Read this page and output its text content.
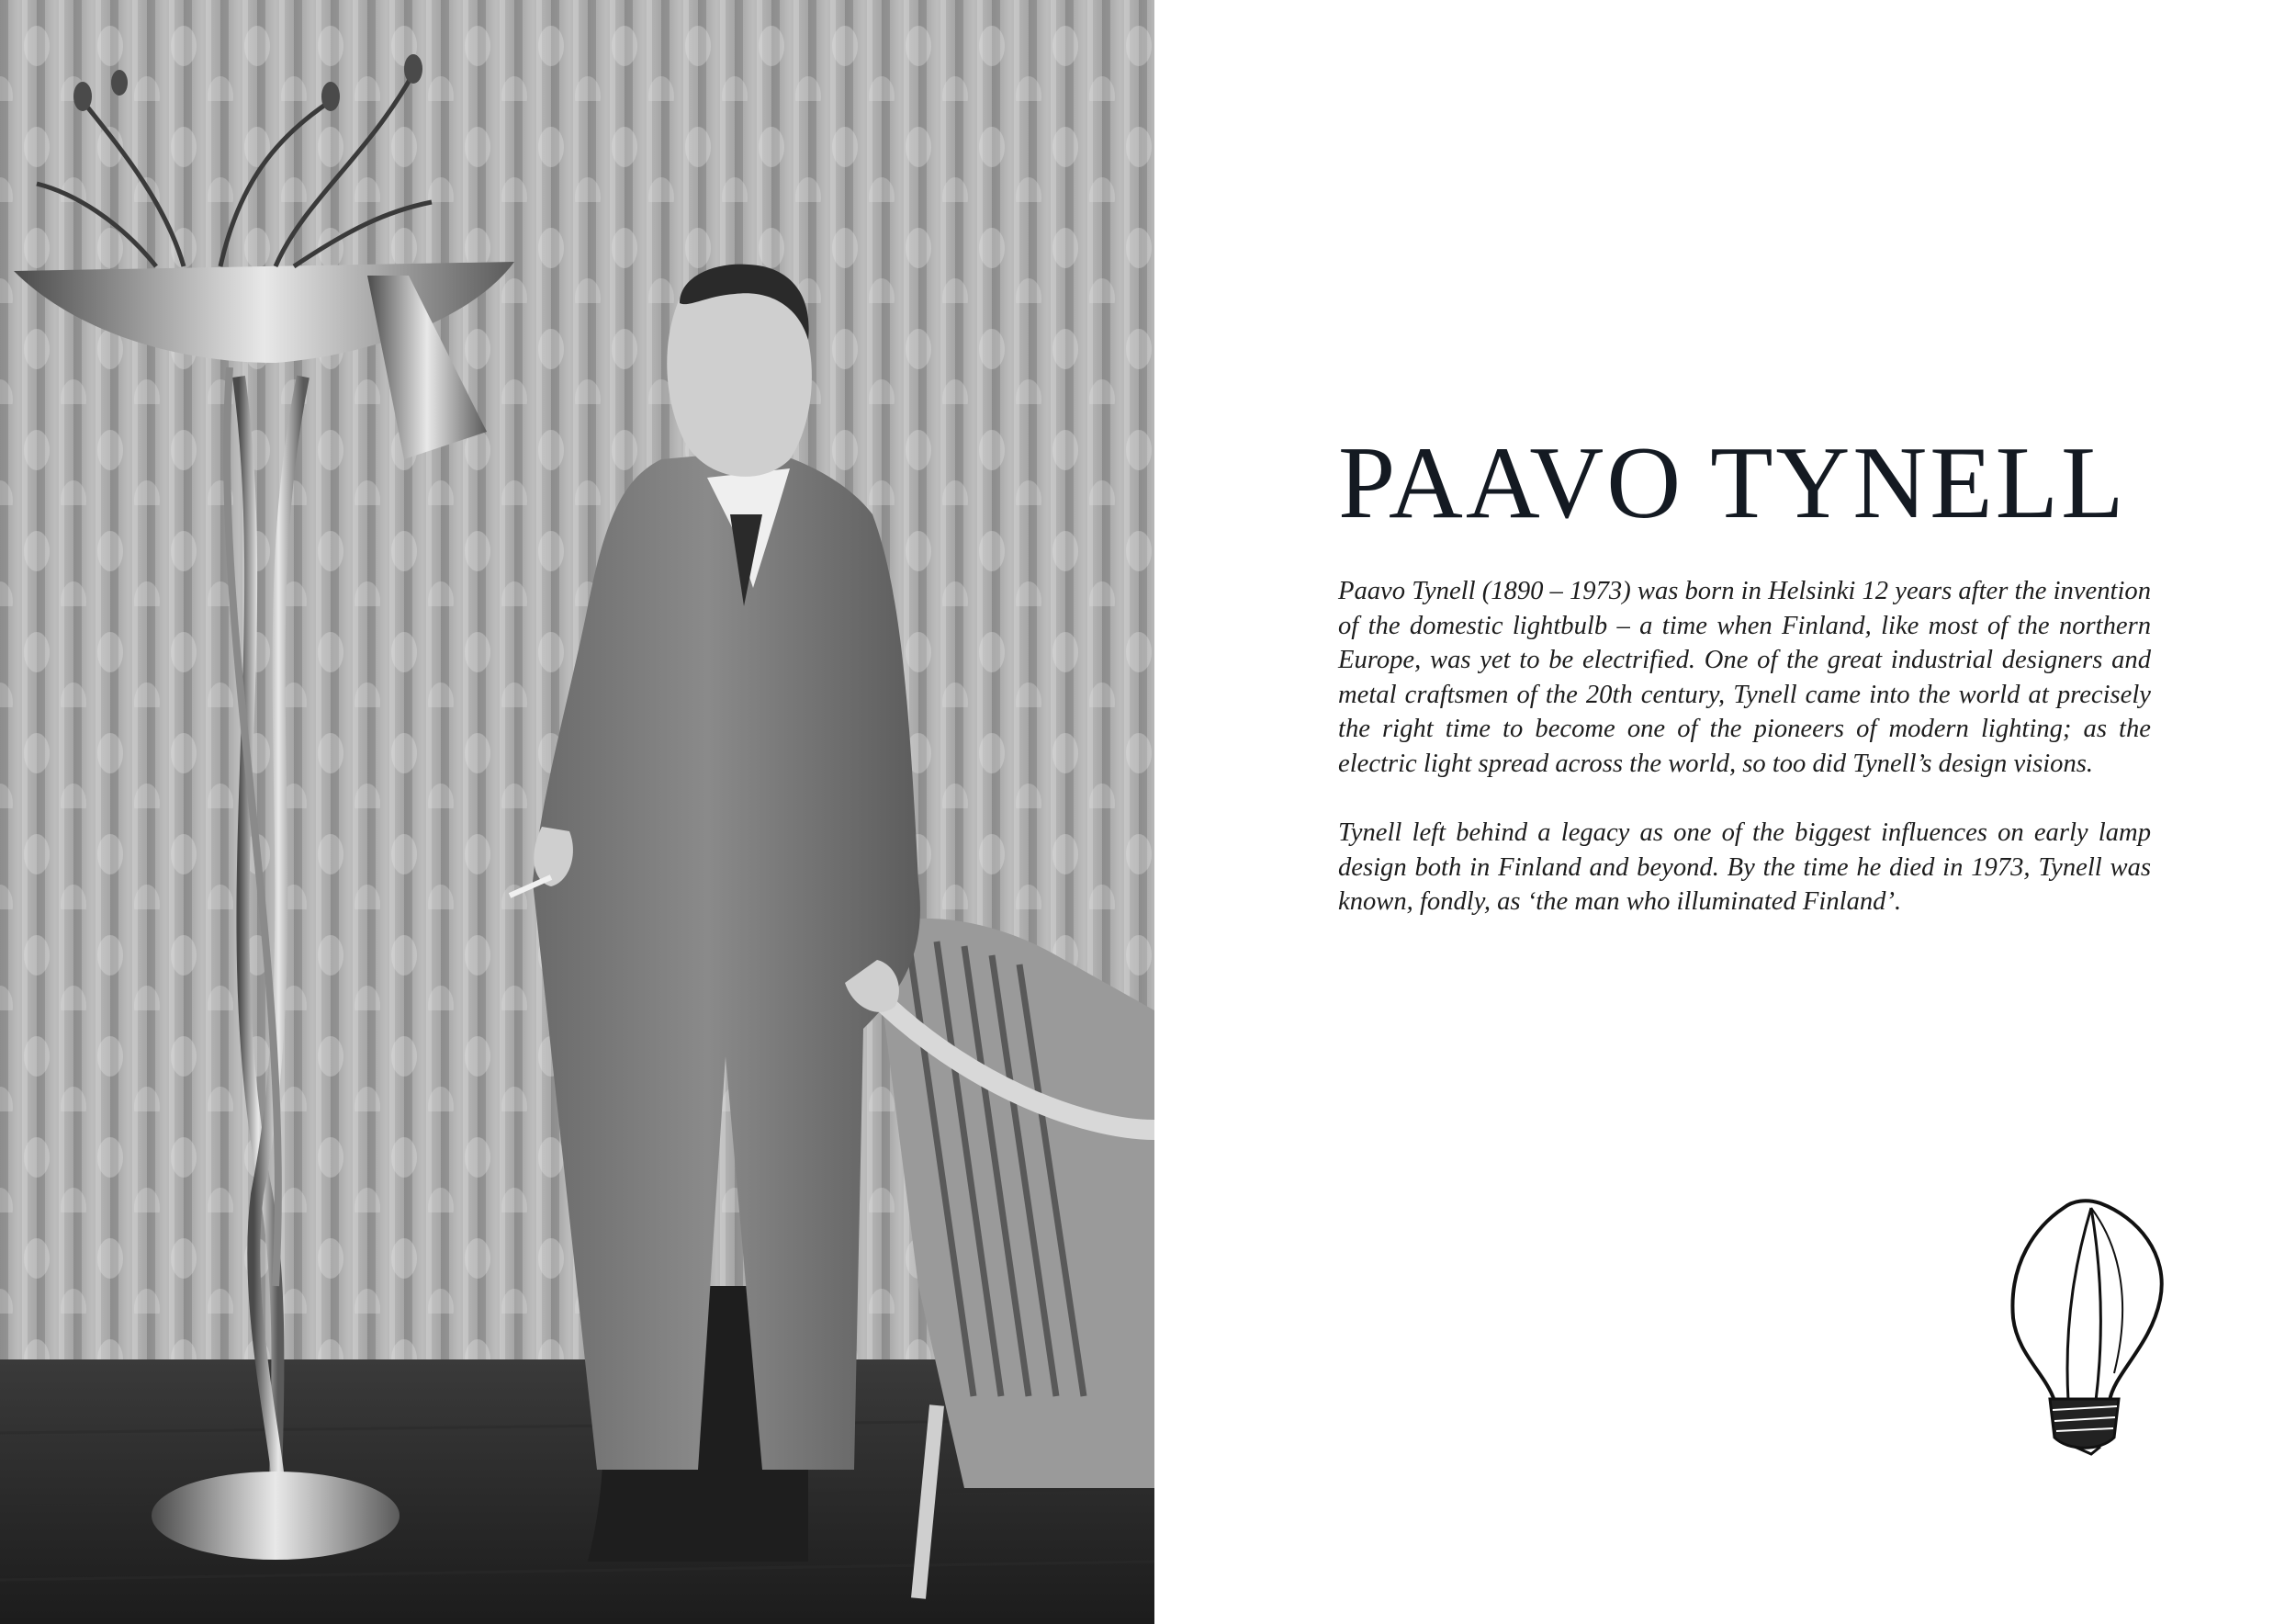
PAAVO TYNELL

Paavo Tynell (1890 – 1973) was born in Helsinki 12 years after the invention of the domestic lightbulb – a time when Finland, like most of the northern Europe, was yet to be electrified. One of the great industrial designers and metal craftsmen of the 20th century, Tynell came into the world at precisely the right time to become one of the pioneers of modern lighting; as the electric light spread across the world, so too did Tynell’s design visions.

Tynell left behind a legacy as one of the biggest influences on early lamp design both in Finland and beyond. By the time he died in 1973, Tynell was known, fondly, as ‘the man who illuminated Finland’.
